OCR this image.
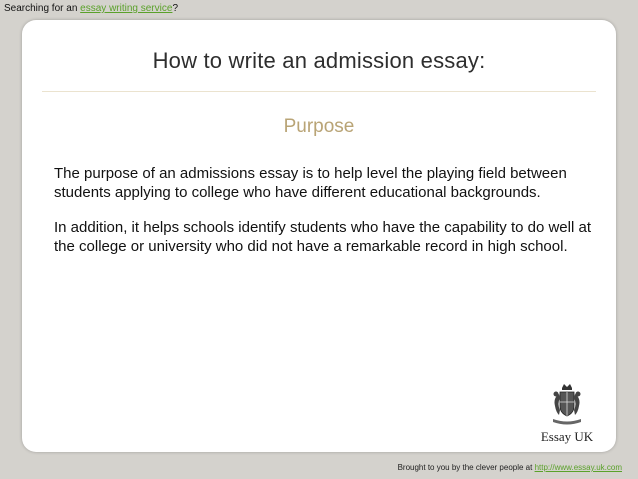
Searching for an essay writing service?
How to write an admission essay:
Purpose
The purpose of an admissions essay is to help level the playing field between students applying to college who have different educational backgrounds.
In addition, it helps schools identify students who have the capability to do well at the college or university who did not have a remarkable record in high school.
Essay UK
Brought to you by the clever people at http://www.essay.uk.com
